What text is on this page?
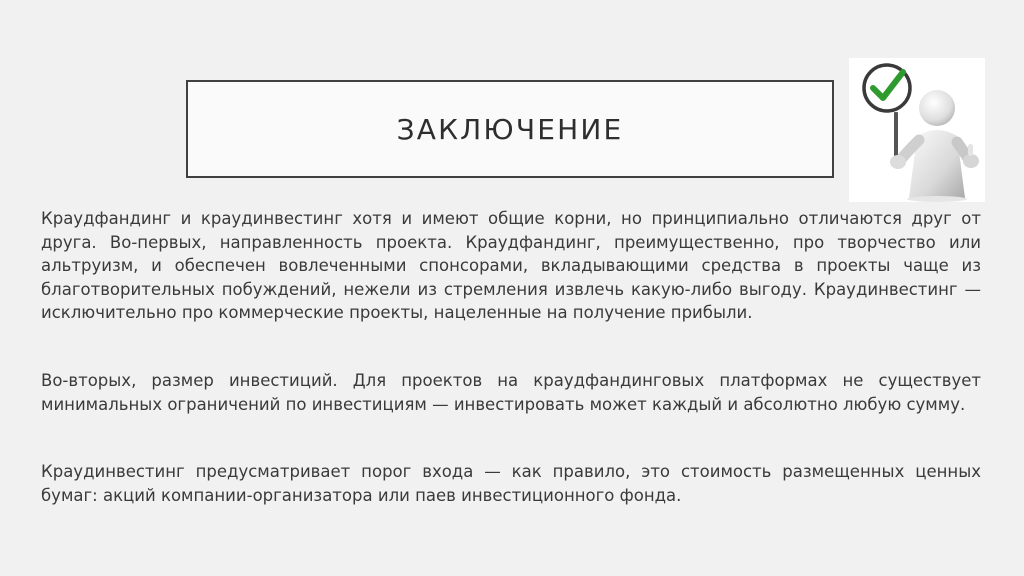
ЗАКЛЮЧЕНИЕ

Краудфандинг и краудинвестинг хотя и имеют общие корни, но принципиально отличаются друг от друга. Во-первых, направленность проекта. Краудфандинг, преимущественно, про творчество или альтруизм, и обеспечен вовлеченными спонсорами, вкладывающими средства в проекты чаще из благотворительных побуждений, нежели из стремления извлечь какую-либо выгоду. Краудинвестинг — исключительно про коммерческие проекты, нацеленные на получение прибыли.

Во-вторых, размер инвестиций. Для проектов на краудфандинговых платформах не существует минимальных ограничений по инвестициям — инвестировать может каждый и абсолютно любую сумму.

Краудинвестинг предусматривает порог входа — как правило, это стоимость размещенных ценных бумаг: акций компании-организатора или паев инвестиционного фонда.
